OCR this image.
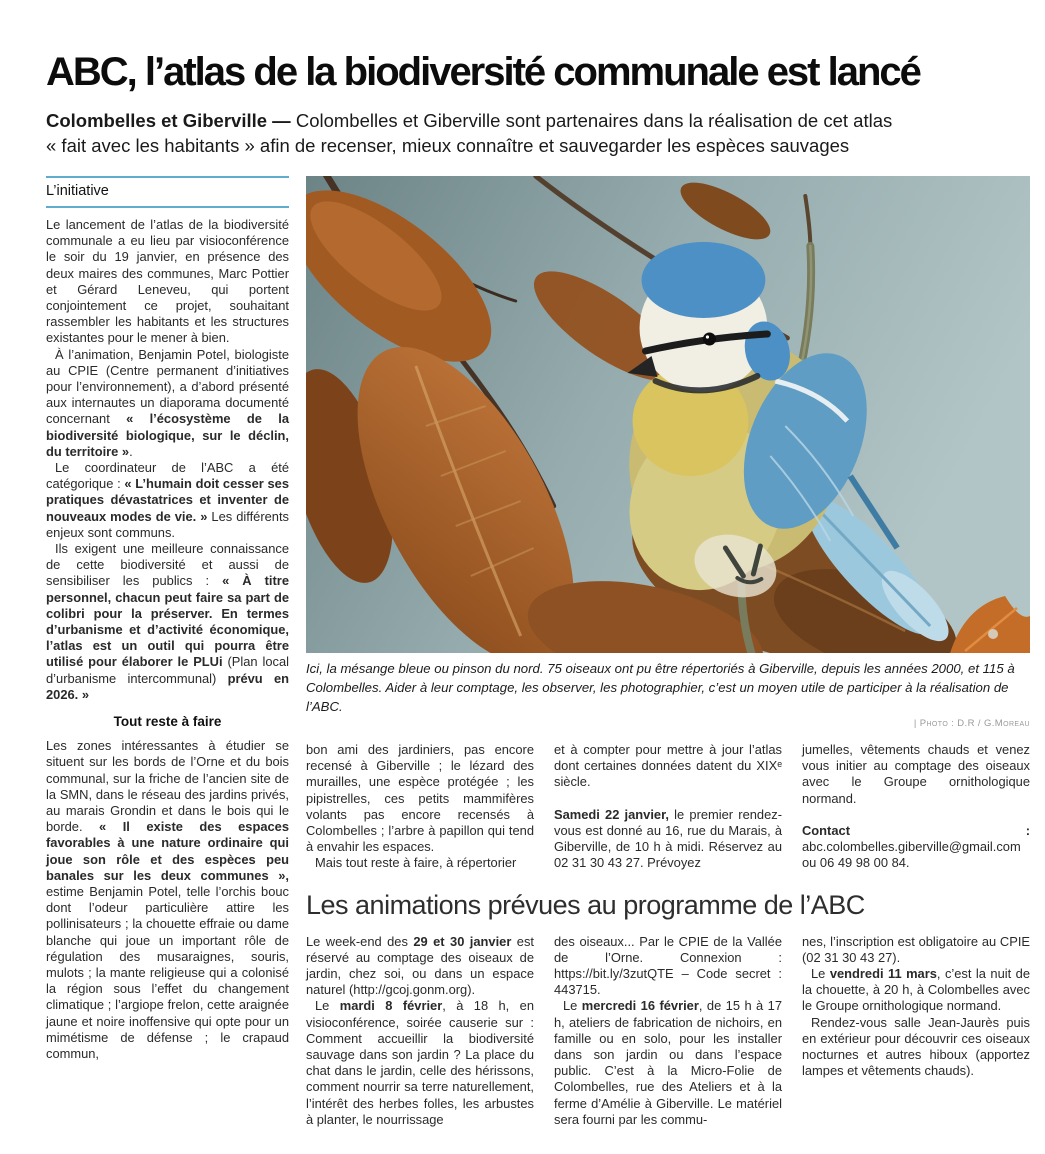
ABC, l’atlas de la biodiversité communale est lancé

Colombelles et Giberville — Colombelles et Giberville sont partenaires dans la réalisation de cet atlas « fait avec les habitants » afin de recenser, mieux connaître et sauvegarder les espèces sauvages

L’initiative

Le lancement de l’atlas de la biodiversité communale a eu lieu par visioconférence le soir du 19 janvier, en présence des deux maires des communes, Marc Pottier et Gérard Leneveu, qui portent conjointement ce projet, souhaitant rassembler les habitants et les structures existantes pour le mener à bien.

À l’animation, Benjamin Potel, biologiste au CPIE (Centre permanent d’initiatives pour l’environnement), a d’abord présenté aux internautes un diaporama documenté concernant « l’écosystème de la biodiversité biologique, sur le déclin, du territoire ».

Le coordinateur de l’ABC a été catégorique : « L’humain doit cesser ses pratiques dévastatrices et inventer de nouveaux modes de vie. » Les différents enjeux sont communs.

Ils exigent une meilleure connaissance de cette biodiversité et aussi de sensibiliser les publics : « À titre personnel, chacun peut faire sa part de colibri pour la préserver. En termes d’urbanisme et d’activité économique, l’atlas est un outil qui pourra être utilisé pour élaborer le PLUi (Plan local d’urbanisme intercommunal) prévu en 2026. »

Tout reste à faire

Les zones intéressantes à étudier se situent sur les bords de l’Orne et du bois communal, sur la friche de l’ancien site de la SMN, dans le réseau des jardins privés, au marais Grondin et dans le bois qui le borde. « Il existe des espaces favorables à une nature ordinaire qui joue son rôle et des espèces peu banales sur les deux communes », estime Benjamin Potel, telle l’orchis bouc dont l’odeur particulière attire les pollinisateurs ; la chouette effraie ou dame blanche qui joue un important rôle de régulation des musaraignes, souris, mulots ; la mante religieuse qui a colonisé la région sous l’effet du changement climatique ; l’argiope frelon, cette araignée jaune et noire inoffensive qui opte pour un mimétisme de défense ; le crapaud commun,

Ici, la mésange bleue ou pinson du nord. 75 oiseaux ont pu être répertoriés à Giberville, depuis les années 2000, et 115 à Colombelles. Aider à leur comptage, les observer, les photographier, c’est un moyen utile de participer à la réalisation de l’ABC.

| Photo : D.R / G.Moreau

bon ami des jardiniers, pas encore recensé à Giberville ; le lézard des murailles, une espèce protégée ; les pipistrelles, ces petits mammifères volants pas encore recensés à Colombelles ; l’arbre à papillon qui tend à envahir les espaces.

Mais tout reste à faire, à répertorier

et à compter pour mettre à jour l’atlas dont certaines données datent du XIXᵉ siècle.

Samedi 22 janvier, le premier rendez-vous est donné au 16, rue du Marais, à Giberville, de 10 h à midi. Réservez au 02 31 30 43 27. Prévoyez

jumelles, vêtements chauds et venez vous initier au comptage des oiseaux avec le Groupe ornithologique normand.

Contact : abc.colombelles.giberville@gmail.com ou 06 49 98 00 84.

Les animations prévues au programme de l’ABC

Le week-end des 29 et 30 janvier est réservé au comptage des oiseaux de jardin, chez soi, ou dans un espace naturel (http://gcoj.gonm.org).

Le mardi 8 février, à 18 h, en visioconférence, soirée causerie sur : Comment accueillir la biodiversité sauvage dans son jardin ? La place du chat dans le jardin, celle des hérissons, comment nourrir sa terre naturellement, l’intérêt des herbes folles, les arbustes à planter, le nourrissage

des oiseaux... Par le CPIE de la Vallée de l’Orne. Connexion : https://bit.ly/3zutQTE – Code secret : 443715.

Le mercredi 16 février, de 15 h à 17 h, ateliers de fabrication de nichoirs, en famille ou en solo, pour les installer dans son jardin ou dans l’espace public. C’est à la Micro-Folie de Colombelles, rue des Ateliers et à la ferme d’Amélie à Giberville. Le matériel sera fourni par les commu-

nes, l’inscription est obligatoire au CPIE (02 31 30 43 27).

Le vendredi 11 mars, c’est la nuit de la chouette, à 20 h, à Colombelles avec le Groupe ornithologique normand.

Rendez-vous salle Jean-Jaurès puis en extérieur pour découvrir ces oiseaux nocturnes et autres hiboux (apportez lampes et vêtements chauds).
